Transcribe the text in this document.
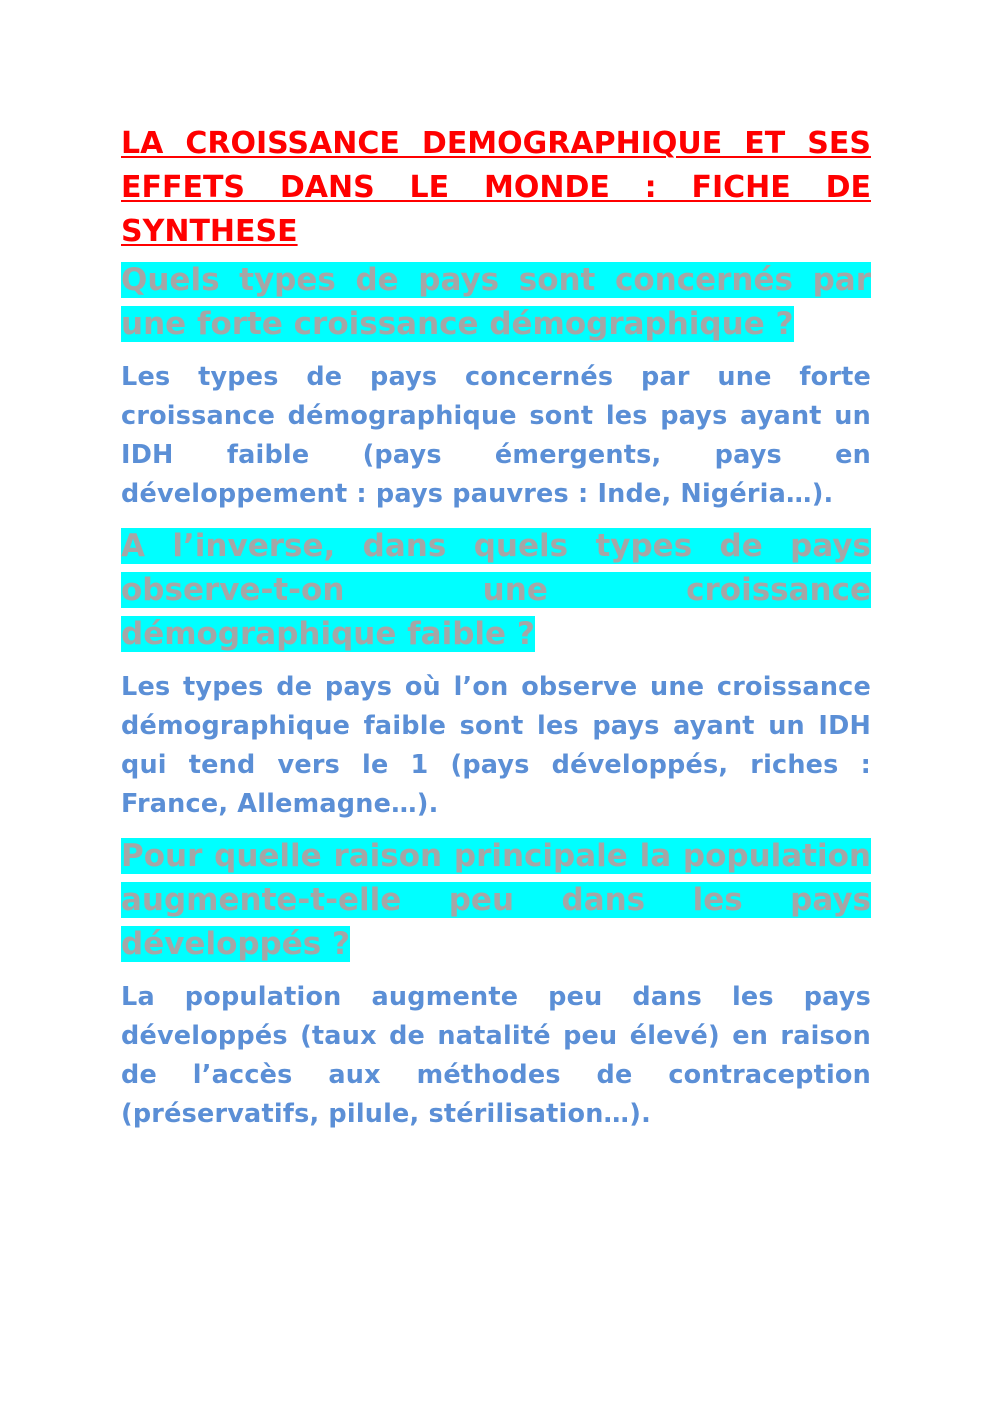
LA CROISSANCE DEMOGRAPHIQUE ET SES EFFETS DANS LE MONDE : FICHE DE SYNTHESE

Quels types de pays sont concernés par une forte croissance démographique ?

Les types de pays concernés par une forte croissance démographique sont les pays ayant un IDH faible (pays émergents, pays en développement : pays pauvres : Inde, Nigéria…).

A l’inverse, dans quels types de pays observe-t-on une croissance démographique faible ?

Les types de pays où l’on observe une croissance démographique faible sont les pays ayant un IDH qui tend vers le 1 (pays développés, riches : France, Allemagne…).

Pour quelle raison principale la population augmente-t-elle peu dans les pays développés ?

La population augmente peu dans les pays développés (taux de natalité peu élevé) en raison de l’accès aux méthodes de contraception (préservatifs, pilule, stérilisation…).
